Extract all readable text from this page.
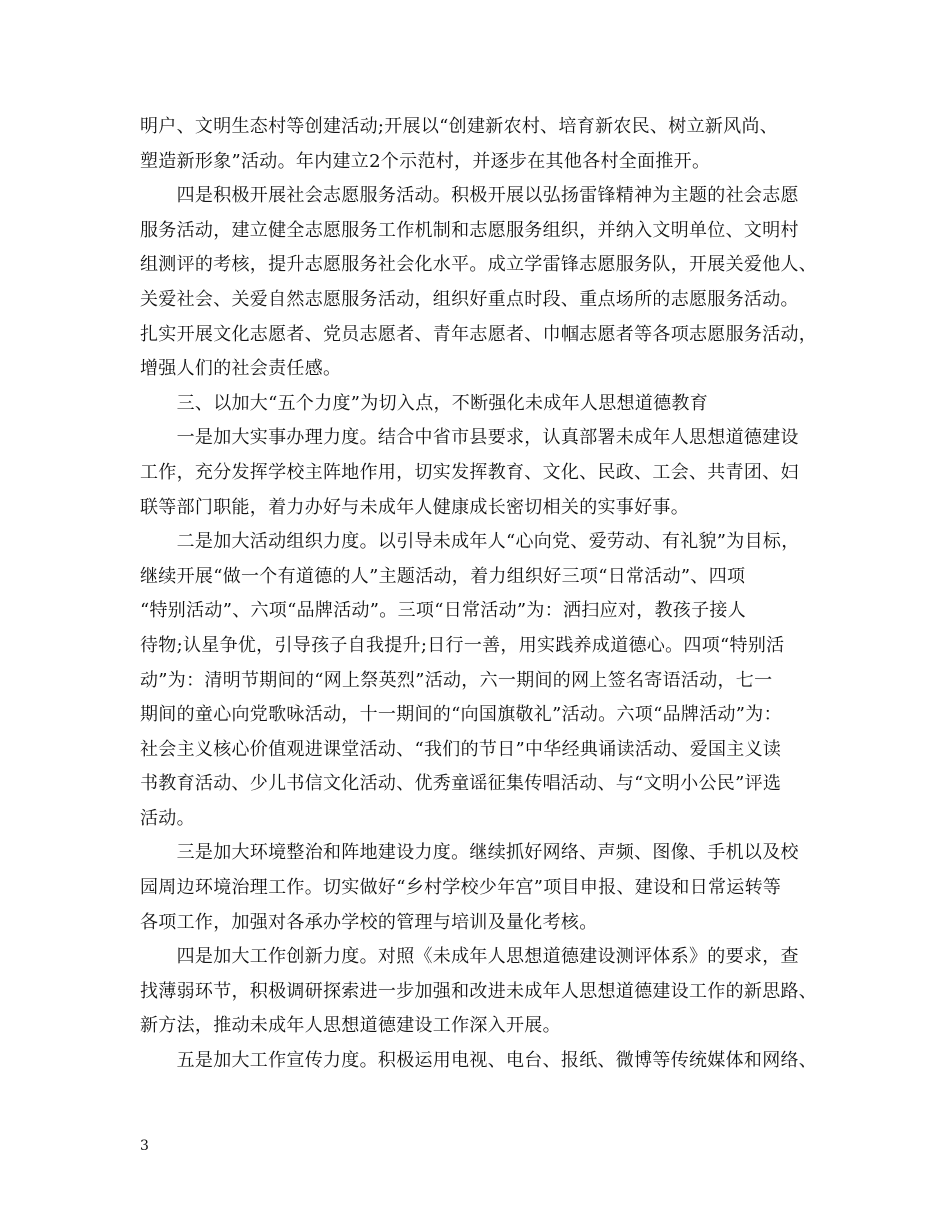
明户、文明生态村等创建活动;开展以“创建新农村、培育新农民、树立新风尚、
塑造新形象”活动。年内建立2个示范村，并逐步在其他各村全面推开。
　　四是积极开展社会志愿服务活动。积极开展以弘扬雷锋精神为主题的社会志愿
服务活动，建立健全志愿服务工作机制和志愿服务组织，并纳入文明单位、文明村
组测评的考核，提升志愿服务社会化水平。成立学雷锋志愿服务队，开展关爱他人、
关爱社会、关爱自然志愿服务活动，组织好重点时段、重点场所的志愿服务活动。
扎实开展文化志愿者、党员志愿者、青年志愿者、巾帼志愿者等各项志愿服务活动，
增强人们的社会责任感。
　　三、以加大“五个力度”为切入点，不断强化未成年人思想道德教育
　　一是加大实事办理力度。结合中省市县要求，认真部署未成年人思想道德建设
工作，充分发挥学校主阵地作用，切实发挥教育、文化、民政、工会、共青团、妇
联等部门职能，着力办好与未成年人健康成长密切相关的实事好事。
　　二是加大活动组织力度。以引导未成年人“心向党、爱劳动、有礼貌”为目标，
继续开展“做一个有道德的人”主题活动，着力组织好三项“日常活动”、四项
“特别活动”、六项“品牌活动”。三项“日常活动”为：洒扫应对，教孩子接人
待物;认星争优，引导孩子自我提升;日行一善，用实践养成道德心。四项“特别活
动”为：清明节期间的“网上祭英烈”活动，六一期间的网上签名寄语活动，七一
期间的童心向党歌咏活动，十一期间的“向国旗敬礼”活动。六项“品牌活动”为：
社会主义核心价值观进课堂活动、“我们的节日”中华经典诵读活动、爱国主义读
书教育活动、少儿书信文化活动、优秀童谣征集传唱活动、与“文明小公民”评选
活动。
　　三是加大环境整治和阵地建设力度。继续抓好网络、声频、图像、手机以及校
园周边环境治理工作。切实做好“乡村学校少年宫”项目申报、建设和日常运转等
各项工作，加强对各承办学校的管理与培训及量化考核。
　　四是加大工作创新力度。对照《未成年人思想道德建设测评体系》的要求，查
找薄弱环节，积极调研探索进一步加强和改进未成年人思想道德建设工作的新思路、
新方法，推动未成年人思想道德建设工作深入开展。
　　五是加大工作宣传力度。积极运用电视、电台、报纸、微博等传统媒体和网络、
3
